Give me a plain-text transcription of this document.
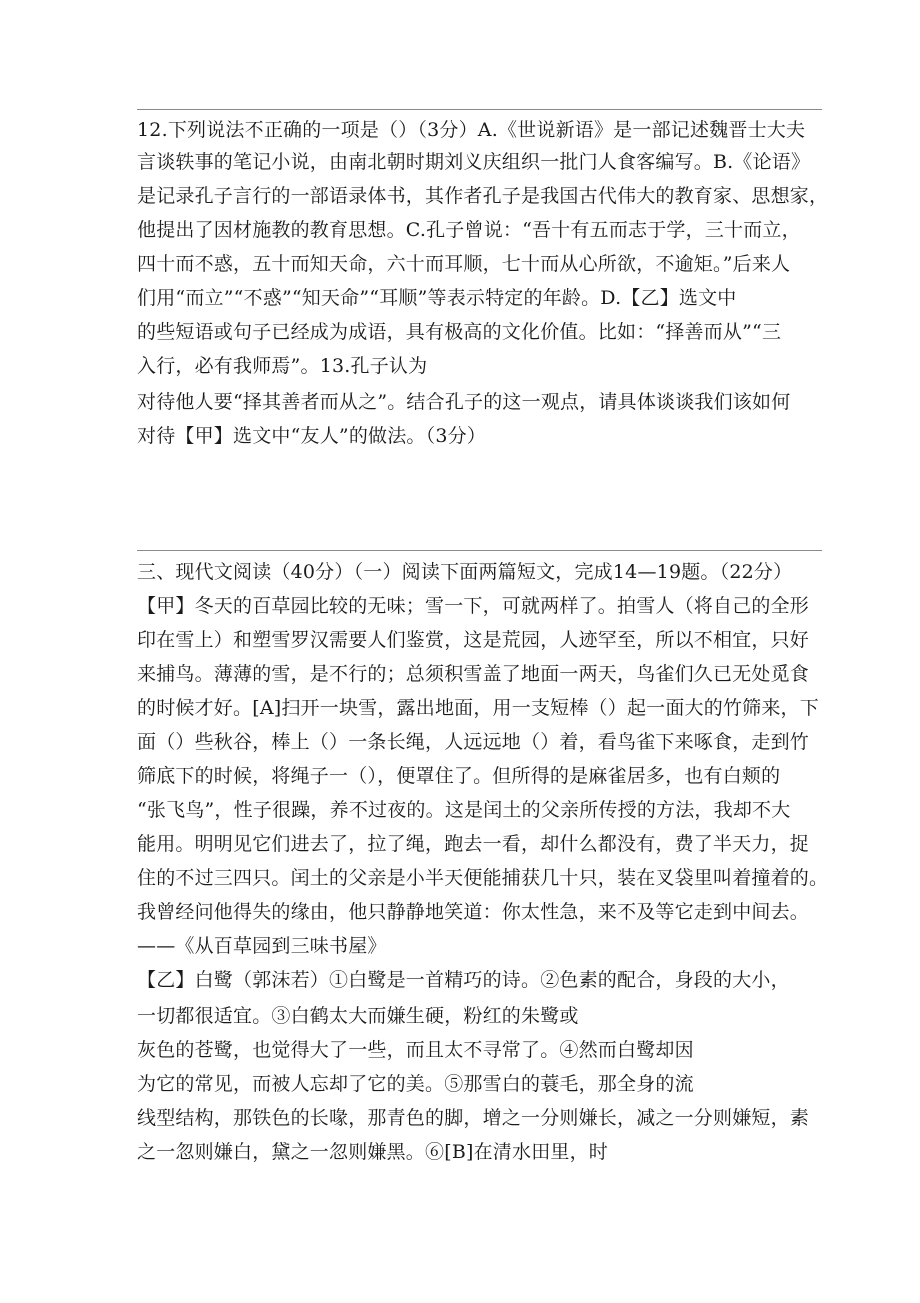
12.下列说法不正确的一项是（）（3分）A.《世说新语》是一部记述魏晋士大夫
言谈轶事的笔记小说，由南北朝时期刘义庆组织一批门人食客编写。B.《论语》
是记录孔子言行的一部语录体书，其作者孔子是我国古代伟大的教育家、思想家，
他提出了因材施教的教育思想。C.孔子曾说：“吾十有五而志于学，三十而立，
四十而不惑，五十而知天命，六十而耳顺，七十而从心所欲，不逾矩。”后来人
们用“而立”“不惑”“知天命”“耳顺”等表示特定的年龄。D.【乙】选文中
的些短语或句子已经成为成语，具有极高的文化价值。比如：“择善而从”“三
入行，必有我师焉”。13.孔子认为
对待他人要“择其善者而从之”。结合孔子的这一观点，请具体谈谈我们该如何
对待【甲】选文中“友人”的做法。（3分）
三、现代文阅读（40分）（一）阅读下面两篇短文，完成14—19题。（22分）
【甲】冬天的百草园比较的无味；雪一下，可就两样了。拍雪人（将自己的全形
印在雪上）和塑雪罗汉需要人们鉴赏，这是荒园，人迹罕至，所以不相宜，只好
来捕鸟。薄薄的雪，是不行的；总须积雪盖了地面一两天，鸟雀们久已无处觅食
的时候才好。[A]扫开一块雪，露出地面，用一支短棒（）起一面大的竹筛来，下
面（）些秋谷，棒上（）一条长绳，人远远地（）着，看鸟雀下来啄食，走到竹
筛底下的时候，将绳子一（），便罩住了。但所得的是麻雀居多，也有白颊的
“张飞鸟”，性子很躁，养不过夜的。这是闰土的父亲所传授的方法，我却不大
能用。明明见它们进去了，拉了绳，跑去一看，却什么都没有，费了半天力，捉
住的不过三四只。闰土的父亲是小半天便能捕获几十只，装在叉袋里叫着撞着的。
我曾经问他得失的缘由，他只静静地笑道：你太性急，来不及等它走到中间去。
——《从百草园到三味书屋》
【乙】白鹭（郭沫若）①白鹭是一首精巧的诗。②色素的配合，身段的大小，
一切都很适宜。③白鹤太大而嫌生硬，粉红的朱鹭或
灰色的苍鹭，也觉得大了一些，而且太不寻常了。④然而白鹭却因
为它的常见，而被人忘却了它的美。⑤那雪白的蓑毛，那全身的流
线型结构，那铁色的长喙，那青色的脚，增之一分则嫌长，减之一分则嫌短，素
之一忽则嫌白，黛之一忽则嫌黑。⑥[B]在清水田里，时
